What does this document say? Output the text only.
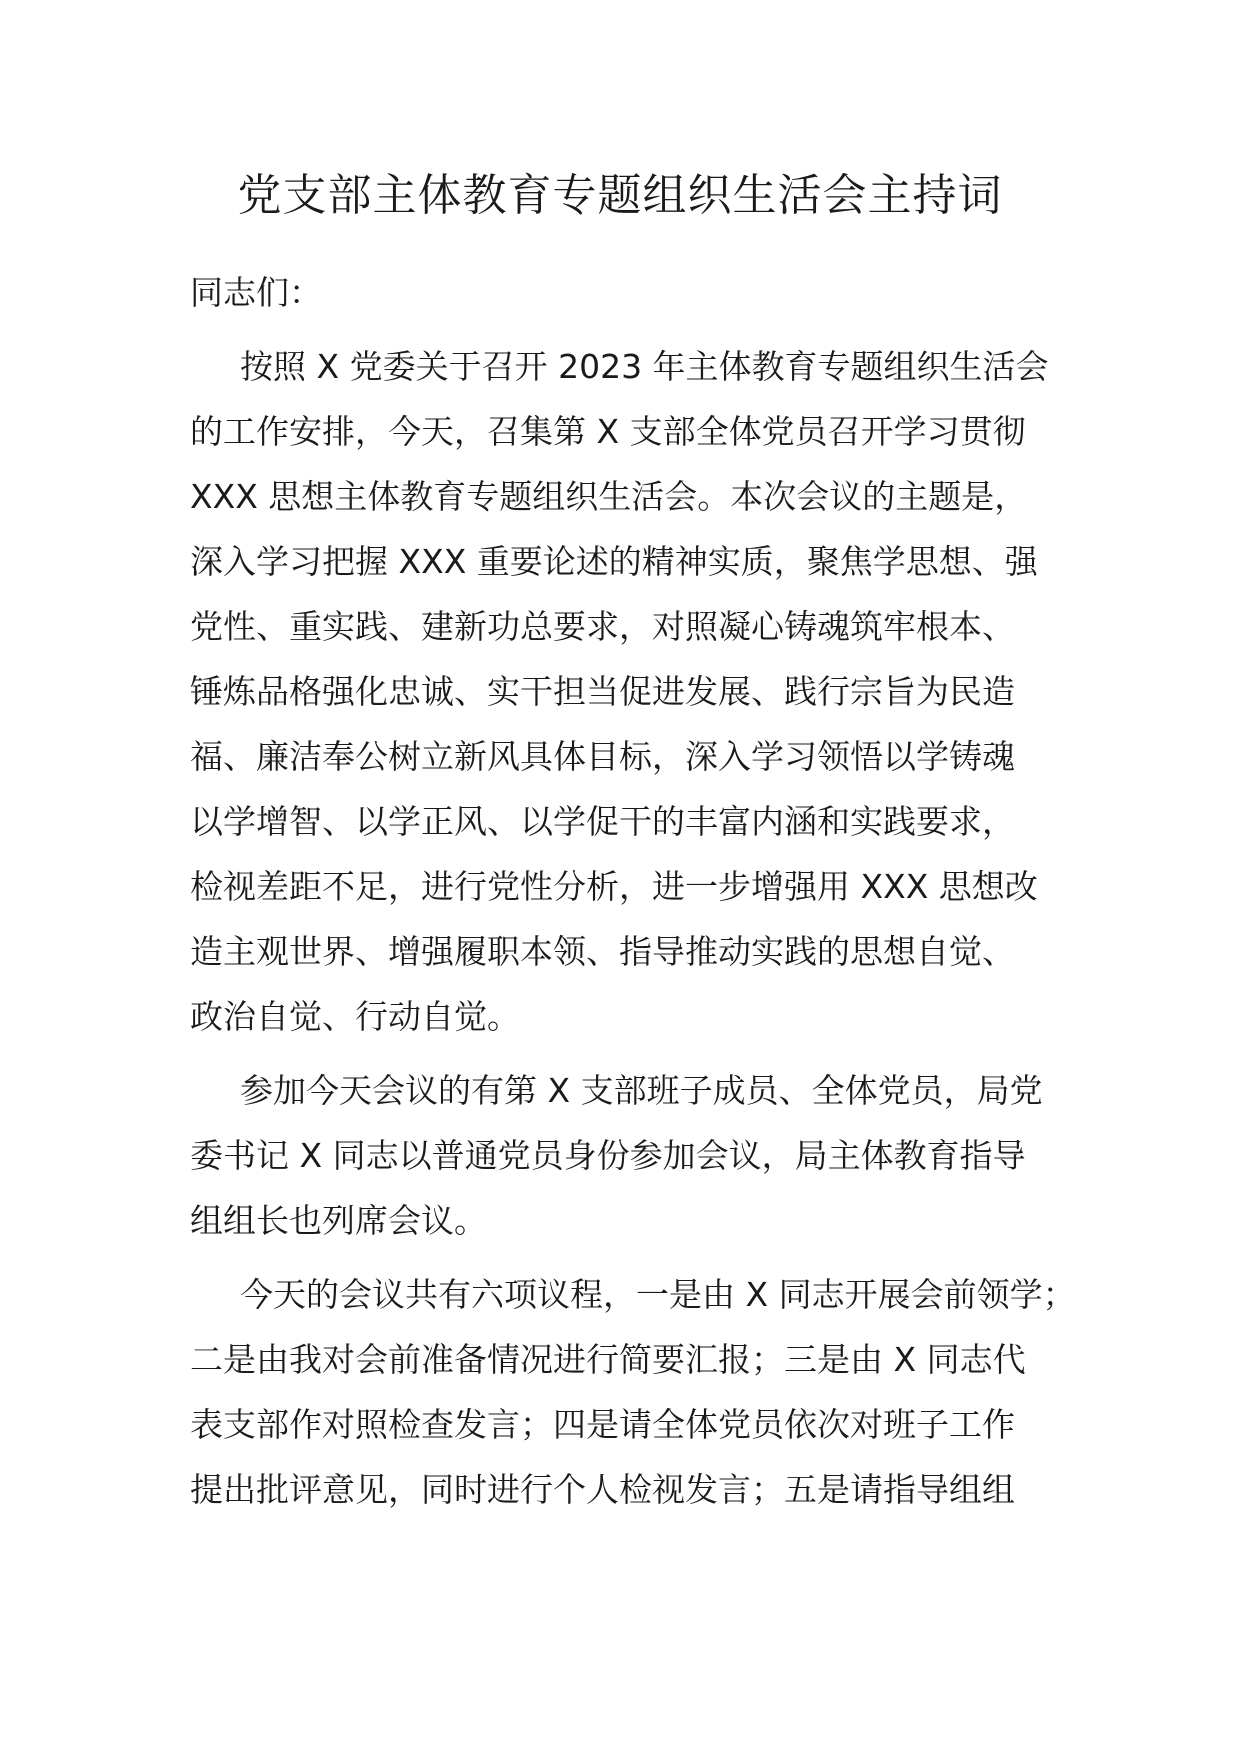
党支部主体教育专题组织生活会主持词
同志们：
按照 X 党委关于召开 2023 年主体教育专题组织生活会
的工作安排，今天，召集第 X 支部全体党员召开学习贯彻
XXX 思想主体教育专题组织生活会。本次会议的主题是，
深入学习把握 XXX 重要论述的精神实质，聚焦学思想、强
党性、重实践、建新功总要求，对照凝心铸魂筑牢根本、
锤炼品格强化忠诚、实干担当促进发展、践行宗旨为民造
福、廉洁奉公树立新风具体目标，深入学习领悟以学铸魂
以学增智、以学正风、以学促干的丰富内涵和实践要求，
检视差距不足，进行党性分析，进一步增强用 XXX 思想改
造主观世界、增强履职本领、指导推动实践的思想自觉、
政治自觉、行动自觉。
参加今天会议的有第 X 支部班子成员、全体党员，局党
委书记 X 同志以普通党员身份参加会议，局主体教育指导
组组长也列席会议。
今天的会议共有六项议程，一是由 X 同志开展会前领学；
二是由我对会前准备情况进行简要汇报；三是由 X 同志代
表支部作对照检查发言；四是请全体党员依次对班子工作
提出批评意见，同时进行个人检视发言；五是请指导组组
